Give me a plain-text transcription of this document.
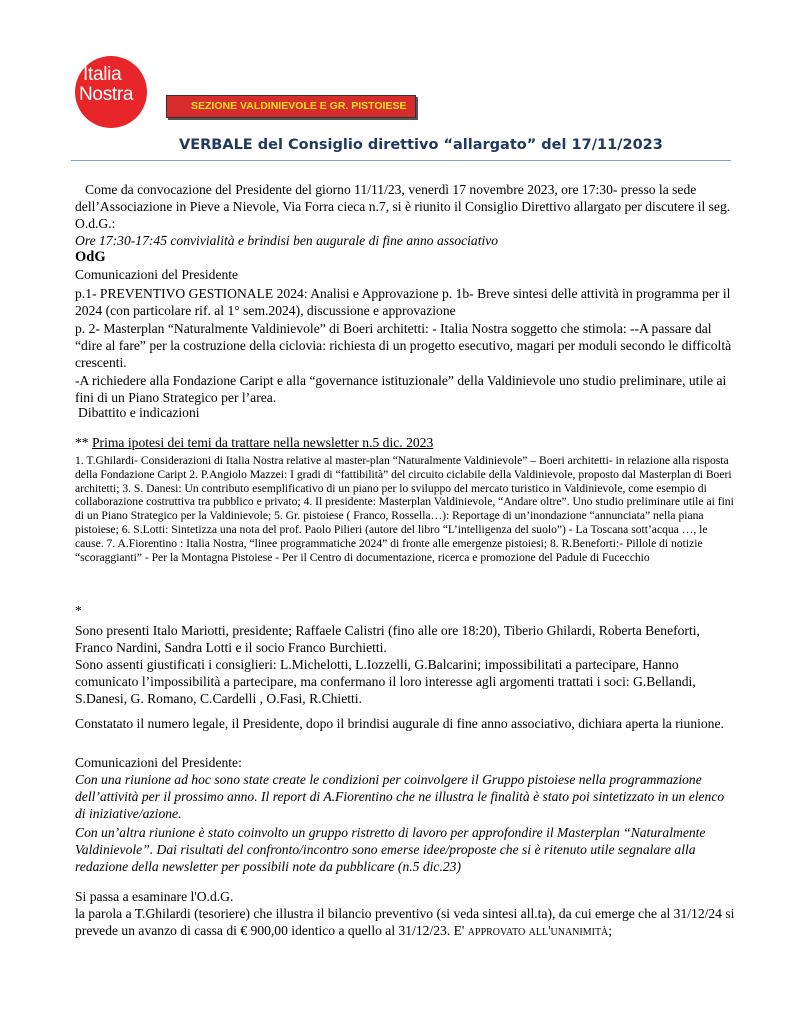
Italia
Nostra
SEZIONE VALDINIEVOLE E GR. PISTOIESE
VERBALE del Consiglio direttivo “allargato” del 17/11/2023
Come da convocazione del Presidente del giorno 11/11/23, venerdì 17 novembre 2023, ore 17:30- presso la sede dell’Associazione in Pieve a Nievole, Via Forra cieca n.7, si è riunito il Consiglio Direttivo allargato per discutere il seg. O.d.G.:
Ore 17:30-17:45 convivialità e brindisi ben augurale di fine anno associativo
OdG
Comunicazioni del Presidente
p.1- PREVENTIVO GESTIONALE 2024: Analisi e Approvazione p. 1b- Breve sintesi delle attività in programma per il 2024 (con particolare rif. al 1° sem.2024), discussione e approvazione
p. 2- Masterplan “Naturalmente Valdinievole” di Boeri architetti: - Italia Nostra soggetto che stimola: --A passare dal “dire al fare” per la costruzione della ciclovia: richiesta di un progetto esecutivo, magari per moduli secondo le difficoltà crescenti.
-A richiedere alla Fondazione Caript e alla “governance istituzionale” della Valdinievole uno studio preliminare, utile ai fini di un Piano Strategico per l’area.
Dibattito e indicazioni
** Prima ipotesi dei temi da trattare nella newsletter n.5 dic. 2023
1. T.Ghilardi- Considerazioni di Italia Nostra relative al master-plan “Naturalmente Valdinievole” – Boeri architetti- in relazione alla risposta della Fondazione Caript 2. P.Angiolo Mazzei: I gradi di “fattibilità” del circuito ciclabile della Valdinievole, proposto dal Masterplan di Boeri architetti; 3. S. Danesi: Un contributo esemplificativo di un piano per lo sviluppo del mercato turistico in Valdinievole, come esempio di collaborazione costruttiva tra pubblico e privato; 4. Il presidente: Masterplan Valdinievole, “Andare oltre”. Uno studio preliminare utile ai fini di un Piano Strategico per la Valdinievole; 5. Gr. pistoiese ( Franco, Rossella…): Reportage di un’inondazione “annunciata” nella piana pistoiese; 6. S.Lotti: Sintetizza una nota del prof. Paolo Pilieri (autore del libro “L’intelligenza del suolo”) - La Toscana sott’acqua …, le cause. 7. A.Fiorentino : Italia Nostra, “linee programmatiche 2024” di fronte alle emergenze pistoiesi; 8. R.Beneforti:- Pillole di notizie “scoraggianti” - Per la Montagna Pistoiese - Per il Centro di documentazione, ricerca e promozione del Padule di Fucecchio
*
Sono presenti Italo Mariotti, presidente; Raffaele Calistri (fino alle ore 18:20), Tiberio Ghilardi, Roberta Beneforti, Franco Nardini, Sandra Lotti e il socio Franco Burchietti.
Sono assenti giustificati i consiglieri: L.Michelotti, L.Iozzelli, G.Balcarini; impossibilitati a partecipare, Hanno comunicato l’impossibilità a partecipare, ma confermano il loro interesse agli argomenti trattati i soci: G.Bellandi, S.Danesi, G. Romano, C.Cardelli , O.Fasi, R.Chietti.
Constatato il numero legale, il Presidente, dopo il brindisi augurale di fine anno associativo, dichiara aperta la riunione.
Comunicazioni del Presidente:
Con una riunione ad hoc sono state create le condizioni per coinvolgere il Gruppo pistoiese nella programmazione dell’attività per il prossimo anno. Il report di A.Fiorentino che ne illustra le finalità è stato poi sintetizzato in un elenco di iniziative/azione.
Con un’altra riunione è stato coinvolto un gruppo ristretto di lavoro per approfondire il Masterplan “Naturalmente Valdinievole”. Dai risultati del confronto/incontro sono emerse idee/proposte che si è ritenuto utile segnalare alla redazione della newsletter per possibili note da pubblicare (n.5 dic.23)
Si passa a esaminare l'O.d.G.
la parola a T.Ghilardi (tesoriere) che illustra il bilancio preventivo (si veda sintesi all.ta), da cui emerge che al 31/12/24 si prevede un avanzo di cassa di € 900,00 identico a quello al 31/12/23. E' approvato all'unanimità;
